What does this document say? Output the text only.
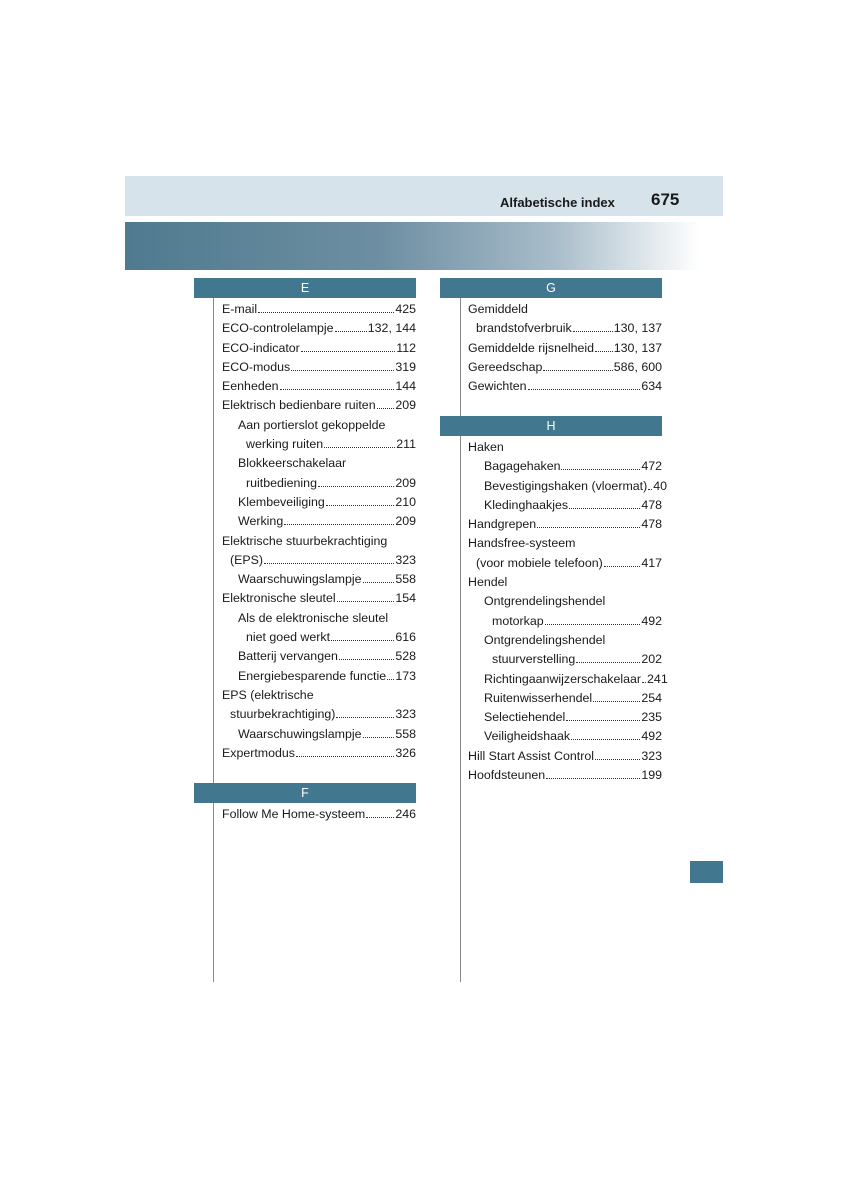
Alfabetische index 675
E
E-mail	425
ECO-controlelampje	132, 144
ECO-indicator	112
ECO-modus	319
Eenheden	144
Elektrisch bedienbare ruiten 209
Aan portierslot gekoppelde
werking ruiten	211
Blokkeerschakelaar
ruitbediening	209
Klembeveiliging	210
Werking	209
Elektrische stuurbekrachtiging
(EPS)	323
Waarschuwingslampje	558
Elektronische sleutel	154
Als de elektronische sleutel
niet goed werkt	616
Batterij vervangen	528
Energiebesparende functie 173
EPS (elektrische
stuurbekrachtiging)	323
Waarschuwingslampje	558
Expertmodus	326
F
Follow Me Home-systeem 246
G
Gemiddeld
brandstofverbruik	130, 137
Gemiddelde rijsnelheid 130, 137
Gereedschap	586, 600
Gewichten	634
H
Haken
Bagagehaken	472
Bevestigingshaken (vloermat) 40
Kledinghaakjes	478
Handgrepen	478
Handsfree-systeem
(voor mobiele telefoon)	417
Hendel
Ontgrendelingshendel
motorkap	492
Ontgrendelingshendel
stuurverstelling	202
Richtingaanwijzerschakelaar 241
Ruitenwisserhendel	254
Selectiehendel	235
Veiligheidshaak	492
Hill Start Assist Control	323
Hoofdsteunen	199
